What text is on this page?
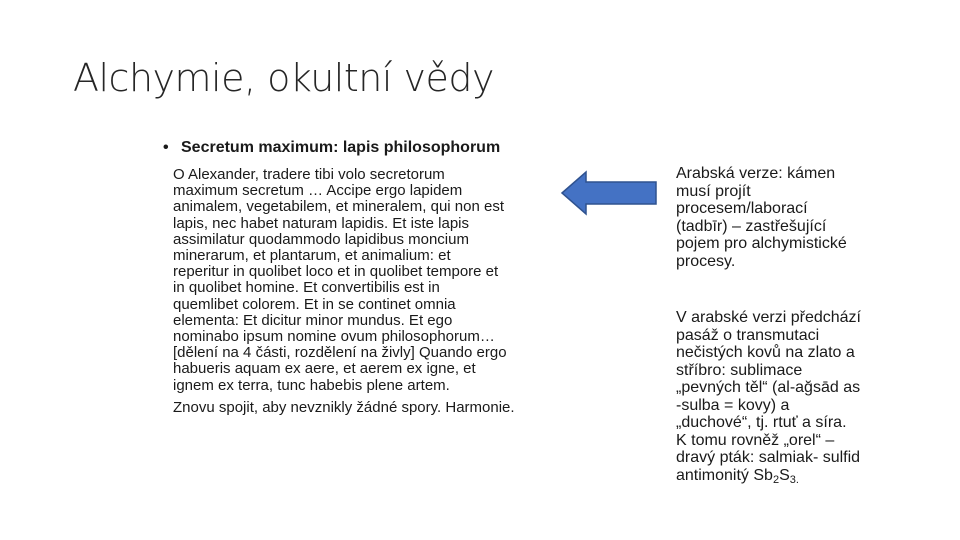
Alchymie, okultní vědy
• Secretum maximum: lapis philosophorum

O Alexander, tradere tibi volo secretorum
maximum secretum … Accipe ergo lapidem
animalem, vegetabilem, et mineralem, qui non est
lapis, nec habet naturam lapidis. Et iste lapis
assimilatur quodammodo lapidibus moncium
minerarum, et plantarum, et animalium: et
reperitur in quolibet loco et in quolibet tempore et
in quolibet homine. Et convertibilis est in
quemlibet colorem. Et in se continet omnia
elementa: Et dicitur minor mundus. Et ego
nominabo ipsum nomine ovum philosophorum…
[dělení na 4 části, rozdělení na živly] Quando ergo
habueris aquam ex aere, et aerem ex igne, et
ignem ex terra, tunc habebis plene artem.

Znovu spojit, aby nevznikly žádné spory. Harmonie.

Arabská verze: kámen
musí projít
procesem/laborací
(tadbīr) – zastřešující
pojem pro alchymistické
procesy.
V arabské verzi předchází
pasáž o transmutaci
nečistých kovů na zlato a
stříbro: sublimace
„pevných těl“ (al-ağsād as
-sulba = kovy) a
„duchové“, tj. rtuť a síra.
K tomu rovněž „orel“ –
dravý pták: salmiak- sulfid
antimonitý $Sb_2S_{3.}$
